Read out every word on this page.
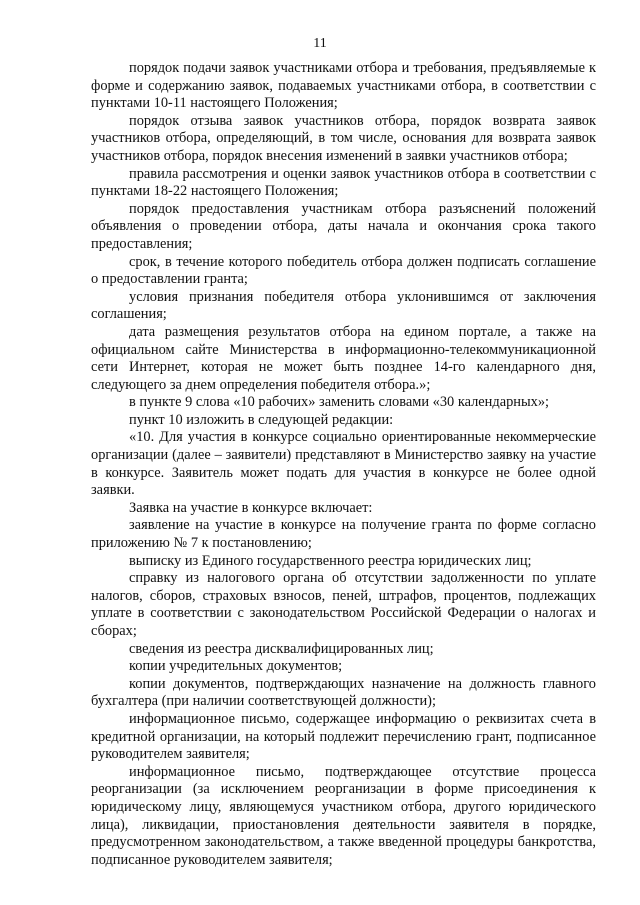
11

порядок подачи заявок участниками отбора и требования, предъявляемые к форме и содержанию заявок, подаваемых участниками отбора, в соответствии с пунктами 10-11 настоящего Положения;

порядок отзыва заявок участников отбора, порядок возврата заявок участников отбора, определяющий, в том числе, основания для возврата заявок участников отбора, порядок внесения изменений в заявки участников отбора;

правила рассмотрения и оценки заявок участников отбора в соответствии с пунктами 18-22 настоящего Положения;

порядок предоставления участникам отбора разъяснений положений объявления о проведении отбора, даты начала и окончания срока такого предоставления;

срок, в течение которого победитель отбора должен подписать соглашение о предоставлении гранта;

условия признания победителя отбора уклонившимся от заключения соглашения;

дата размещения результатов отбора на едином портале, а также на официальном сайте Министерства в информационно-телекоммуникационной сети Интернет, которая не может быть позднее 14-го календарного дня, следующего за днем определения победителя отбора.»;

в пункте 9 слова «10 рабочих» заменить словами «30 календарных»;

пункт 10 изложить в следующей редакции:

«10. Для участия в конкурсе социально ориентированные некоммерческие организации (далее – заявители) представляют в Министерство заявку на участие в конкурсе. Заявитель может подать для участия в конкурсе не более одной заявки.

Заявка на участие в конкурсе включает:

заявление на участие в конкурсе на получение гранта по форме согласно приложению № 7 к постановлению;

выписку из Единого государственного реестра юридических лиц;

справку из налогового органа об отсутствии задолженности по уплате налогов, сборов, страховых взносов, пеней, штрафов, процентов, подлежащих уплате в соответствии с законодательством Российской Федерации о налогах и сборах;

сведения из реестра дисквалифицированных лиц;

копии учредительных документов;

копии документов, подтверждающих назначение на должность главного бухгалтера (при наличии соответствующей должности);

информационное письмо, содержащее информацию о реквизитах счета в кредитной организации, на который подлежит перечислению грант, подписанное руководителем заявителя;

информационное письмо, подтверждающее отсутствие процесса реорганизации (за исключением реорганизации в форме присоединения к юридическому лицу, являющемуся участником отбора, другого юридического лица), ликвидации, приостановления деятельности заявителя в порядке, предусмотренном законодательством, а также введенной процедуры банкротства, подписанное руководителем заявителя;
